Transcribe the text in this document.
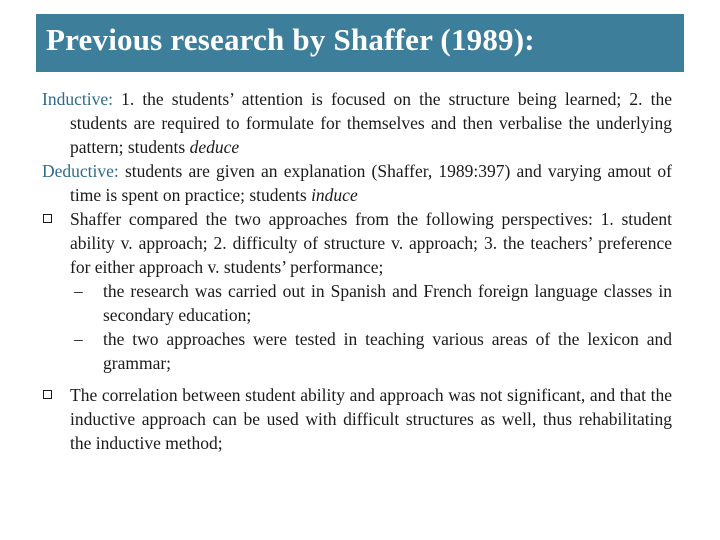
Previous research by Shaffer (1989):
Inductive: 1. the students’ attention is focused on the structure being learned; 2. the students are required to formulate for themselves and then verbalise the underlying pattern; students deduce
Deductive: students are given an explanation (Shaffer, 1989:397) and varying amout of time is spent on practice; students induce
Shaffer compared the two approaches from the following perspectives: 1. student ability v. approach; 2. difficulty of structure v. approach; 3. the teachers’ preference for either approach v. students’ performance;
– the research was carried out in Spanish and French foreign language classes in secondary education;
– the two approaches were tested in teaching various areas of the lexicon and grammar;
The correlation between student ability and approach was not significant, and that the inductive approach can be used with difficult structures as well, thus rehabilitating the inductive method;
